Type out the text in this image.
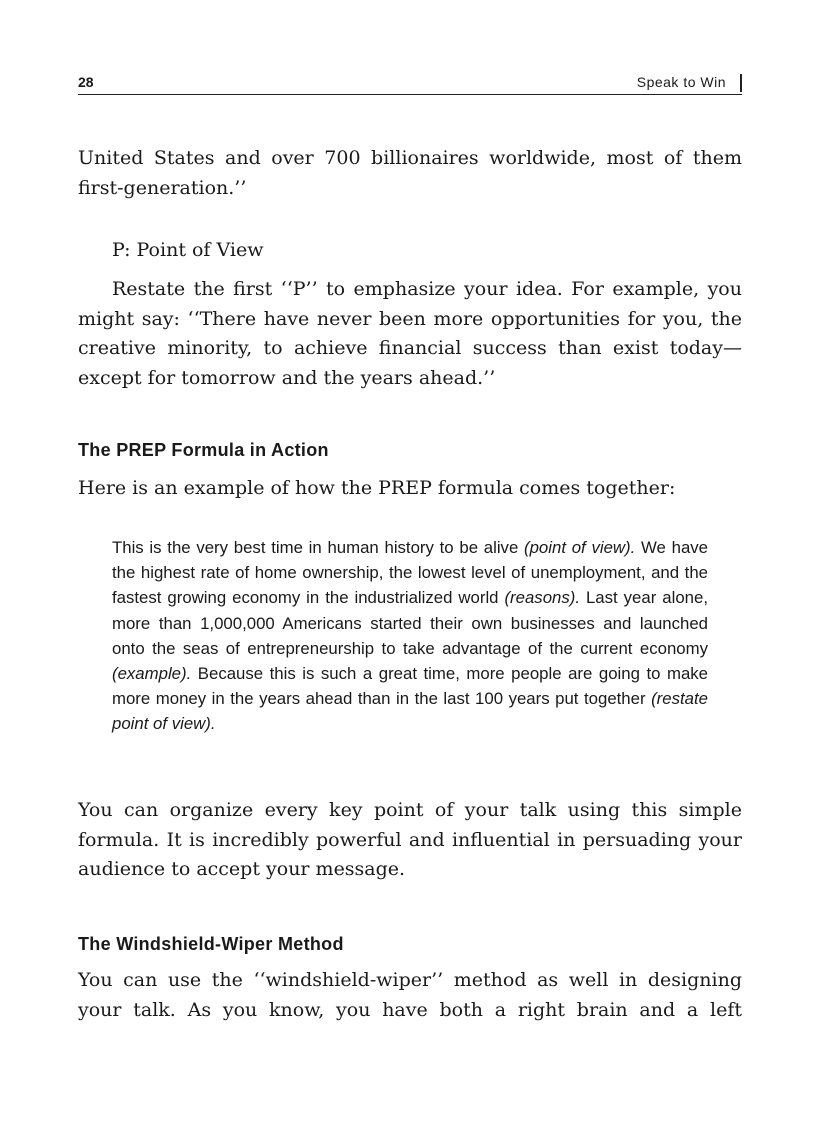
28	Speak to Win

United States and over 700 billionaires worldwide, most of them first-generation.’’

P: Point of View

Restate the first ‘‘P’’ to emphasize your idea. For example, you might say: ‘‘There have never been more opportunities for you, the creative minority, to achieve financial success than exist today—except for tomorrow and the years ahead.’’

The PREP Formula in Action

Here is an example of how the PREP formula comes together:

This is the very best time in human history to be alive (point of view). We have the highest rate of home ownership, the lowest level of unemployment, and the fastest growing economy in the industrialized world (reasons). Last year alone, more than 1,000,000 Americans started their own businesses and launched onto the seas of entrepreneurship to take advantage of the current economy (example). Because this is such a great time, more people are going to make more money in the years ahead than in the last 100 years put together (restate point of view).

You can organize every key point of your talk using this simple formula. It is incredibly powerful and influential in persuading your audience to accept your message.

The Windshield-Wiper Method

You can use the ‘‘windshield-wiper’’ method as well in designing your talk. As you know, you have both a right brain and a left
